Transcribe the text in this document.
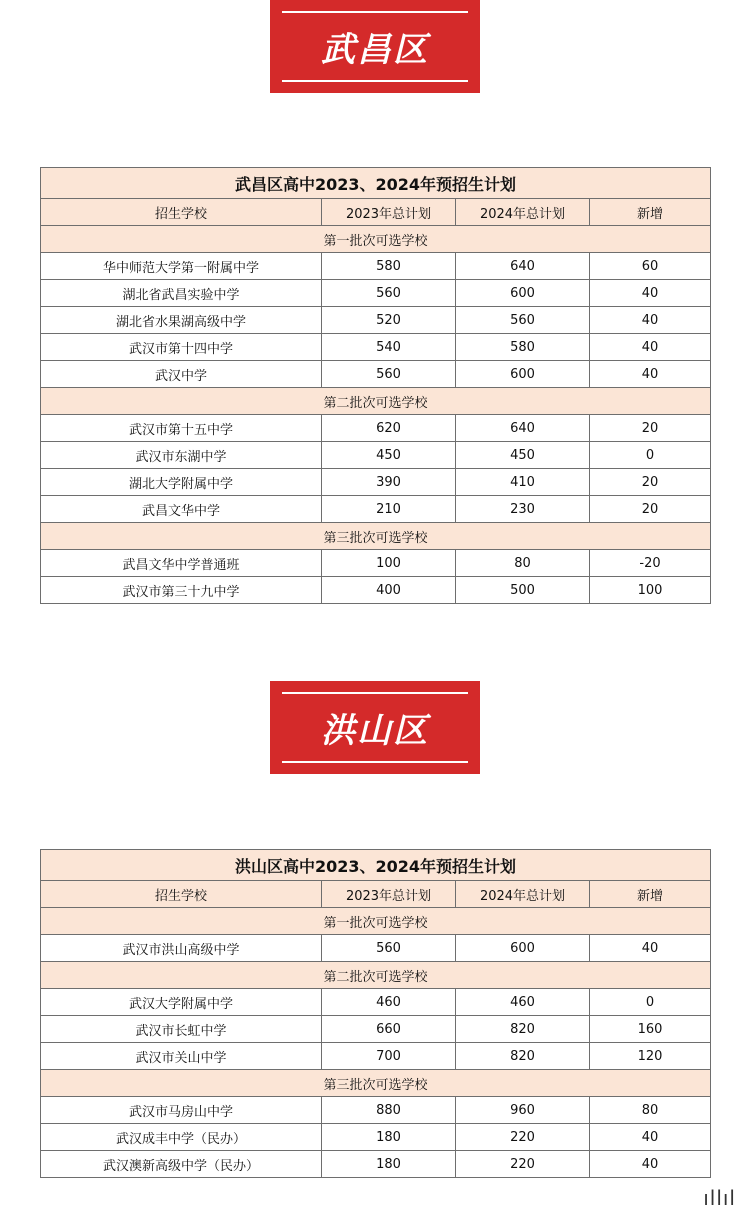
武昌区
武昌区高中2023、2024年预招生计划			
招生学校	2023年总计划	2024年总计划	新增
第一批次可选学校			
华中师范大学第一附属中学	580	640	60
湖北省武昌实验中学	560	600	40
湖北省水果湖高级中学	520	560	40
武汉市第十四中学	540	580	40
武汉中学	560	600	40
第二批次可选学校			
武汉市第十五中学	620	640	20
武汉市东湖中学	450	450	0
湖北大学附属中学	390	410	20
武昌文华中学	210	230	20
第三批次可选学校			
武昌文华中学普通班	100	80	-20
武汉市第三十九中学	400	500	100
洪山区
洪山区高中2023、2024年预招生计划			
招生学校	2023年总计划	2024年总计划	新增
第一批次可选学校			
武汉市洪山高级中学	560	600	40
第二批次可选学校			
武汉大学附属中学	460	460	0
武汉市长虹中学	660	820	160
武汉市关山中学	700	820	120
第三批次可选学校			
武汉市马房山中学	880	960	80
武汉成丰中学（民办）	180	220	40
武汉澳新高级中学（民办）	180	220	40
ıllıl
